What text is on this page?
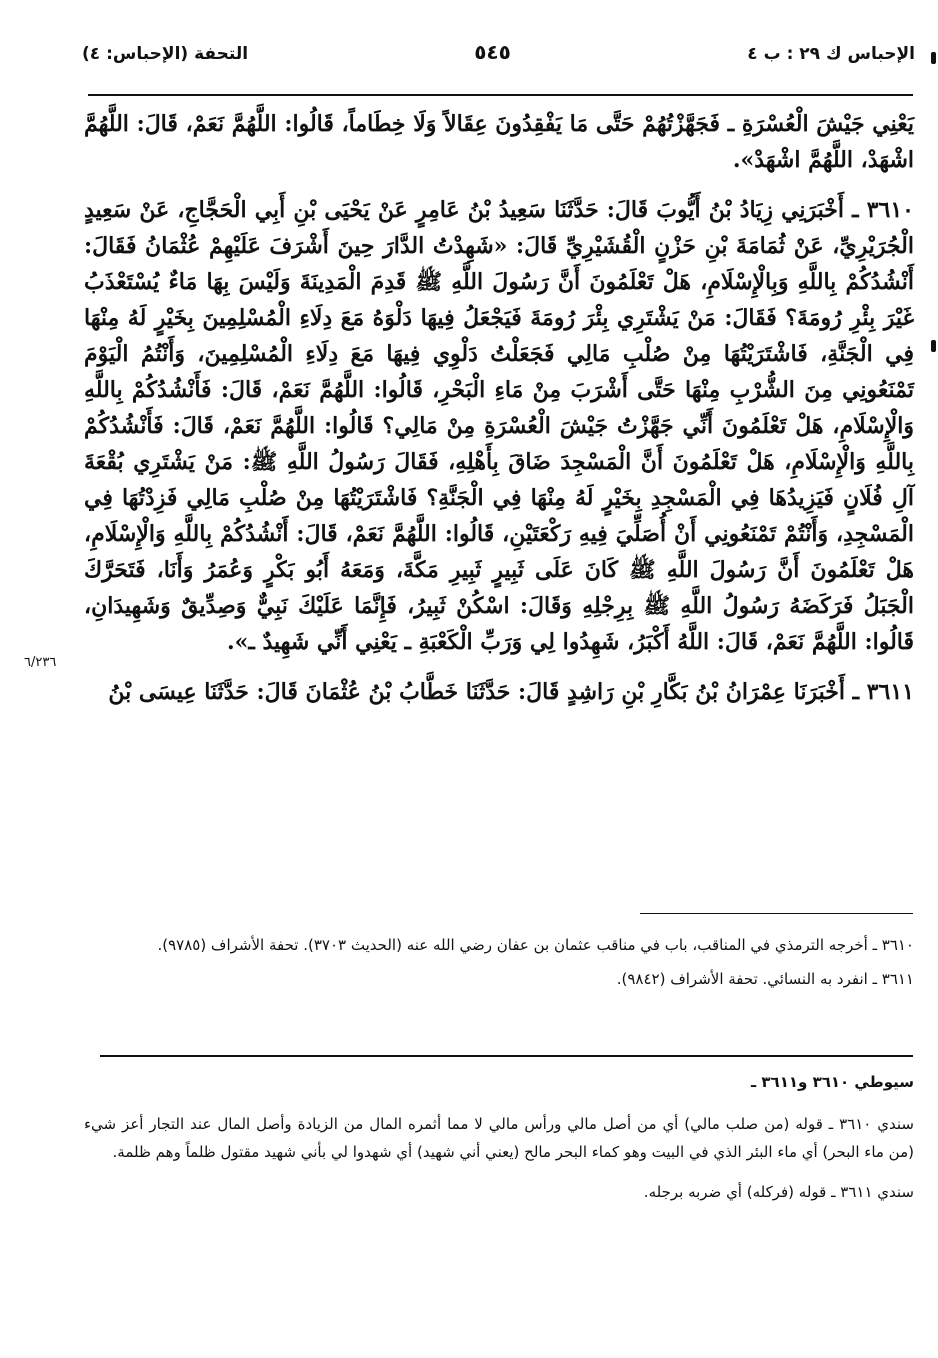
الإحباس ك ٢٩ : ب ٤
٥٤٥
التحفة (الإحباس: ٤)

يَعْنِي جَيْشَ الْعُسْرَةِ ـ فَجَهَّزْتُهُمْ حَتَّى مَا يَفْقِدُونَ عِقَالاً وَلَا خِطَاماً، قَالُوا: اللَّهُمَّ نَعَمْ، قَالَ: اللَّهُمَّ اشْهَدْ، اللَّهُمَّ اشْهَدْ».

٣٦١٠ ـ أَخْبَرَنِي زِيَادُ بْنُ أَيُّوبَ قَالَ: حَدَّثَنَا سَعِيدُ بْنُ عَامِرٍ عَنْ يَحْيَى بْنِ أَبِي الْحَجَّاجِ، عَنْ سَعِيدٍ الْجُرَيْرِيِّ، عَنْ ثُمَامَةَ بْنِ حَزْنٍ الْقُشَيْرِيِّ قَالَ: «شَهِدْتُ الدَّارَ حِينَ أَشْرَفَ عَلَيْهِمْ عُثْمَانُ فَقَالَ: أَنْشُدُكُمْ بِاللَّهِ وَبِالْإِسْلَامِ، هَلْ تَعْلَمُونَ أَنَّ رَسُولَ اللَّهِ ﷺ قَدِمَ الْمَدِينَةَ وَلَيْسَ بِهَا مَاءٌ يُسْتَعْذَبُ غَيْرَ بِئْرِ رُومَةَ؟ فَقَالَ: مَنْ يَشْتَرِي بِئْرَ رُومَةَ فَيَجْعَلُ فِيهَا دَلْوَهُ مَعَ دِلَاءِ الْمُسْلِمِينَ بِخَيْرٍ لَهُ مِنْهَا فِي الْجَنَّةِ، فَاشْتَرَيْتُهَا مِنْ صُلْبِ مَالِي فَجَعَلْتُ دَلْوِي فِيهَا مَعَ دِلَاءِ الْمُسْلِمِينَ، وَأَنْتُمُ الْيَوْمَ تَمْنَعُونِي مِنَ الشُّرْبِ مِنْهَا حَتَّى أَشْرَبَ مِنْ مَاءِ الْبَحْرِ، قَالُوا: اللَّهُمَّ نَعَمْ، قَالَ: فَأَنْشُدُكُمْ بِاللَّهِ وَالْإِسْلَامِ، هَلْ تَعْلَمُونَ أَنِّي جَهَّزْتُ جَيْشَ الْعُسْرَةِ مِنْ مَالِي؟ قَالُوا: اللَّهُمَّ نَعَمْ، قَالَ: فَأَنْشُدُكُمْ بِاللَّهِ وَالْإِسْلَامِ، هَلْ تَعْلَمُونَ أَنَّ الْمَسْجِدَ ضَاقَ بِأَهْلِهِ، فَقَالَ رَسُولُ اللَّهِ ﷺ: مَنْ يَشْتَرِي بُقْعَةَ آلِ فُلَانٍ فَيَزِيدُهَا فِي الْمَسْجِدِ بِخَيْرٍ لَهُ مِنْهَا فِي الْجَنَّةِ؟ فَاشْتَرَيْتُهَا مِنْ صُلْبِ مَالِي فَزِدْتُهَا فِي الْمَسْجِدِ، وَأَنْتُمْ تَمْنَعُونِي أَنْ أُصَلِّيَ فِيهِ رَكْعَتَيْنِ، قَالُوا: اللَّهُمَّ نَعَمْ، قَالَ: أَنْشُدُكُمْ بِاللَّهِ وَالْإِسْلَامِ، هَلْ تَعْلَمُونَ أَنَّ رَسُولَ اللَّهِ ﷺ كَانَ عَلَى ثَبِيرٍ ثَبِيرِ مَكَّةَ، وَمَعَهُ أَبُو بَكْرٍ وَعُمَرُ وَأَنَا، فَتَحَرَّكَ الْجَبَلُ فَرَكَضَهُ رَسُولُ اللَّهِ ﷺ بِرِجْلِهِ وَقَالَ: اسْكُنْ ثَبِيرُ، فَإِنَّمَا عَلَيْكَ نَبِيٌّ وَصِدِّيقٌ وَشَهِيدَانِ، قَالُوا: اللَّهُمَّ نَعَمْ، قَالَ: اللَّهُ أَكْبَرُ، شَهِدُوا لِي وَرَبِّ الْكَعْبَةِ ـ يَعْنِي أَنِّي شَهِيدٌ ـ».

٣٦١١ ـ أَخْبَرَنَا عِمْرَانُ بْنُ بَكَّارِ بْنِ رَاشِدٍ قَالَ: حَدَّثَنَا خَطَّابُ بْنُ عُثْمَانَ قَالَ: حَدَّثَنَا عِيسَى بْنُ

٦/٢٣٦

٣٦١٠ ـ أخرجه الترمذي في المناقب، باب في مناقب عثمان بن عفان رضي الله عنه (الحديث ٣٧٠٣). تحفة الأشراف (٩٧٨٥).

٣٦١١ ـ انفرد به النسائي. تحفة الأشراف (٩٨٤٢).

سيوطي ٣٦١٠ و٣٦١١ ـ

سندي ٣٦١٠ ـ قوله (من صلب مالي) أي من أصل مالي ورأس مالي لا مما أثمره المال من الزيادة وأصل المال عند التجار أعز شيء (من ماء البحر) أي ماء البئر الذي في البيت وهو كماء البحر مالح (يعني أني شهيد) أي شهدوا لي بأني شهيد مقتول ظلماً وهم ظلمة.

سندي ٣٦١١ ـ قوله (فركله) أي ضربه برجله.
